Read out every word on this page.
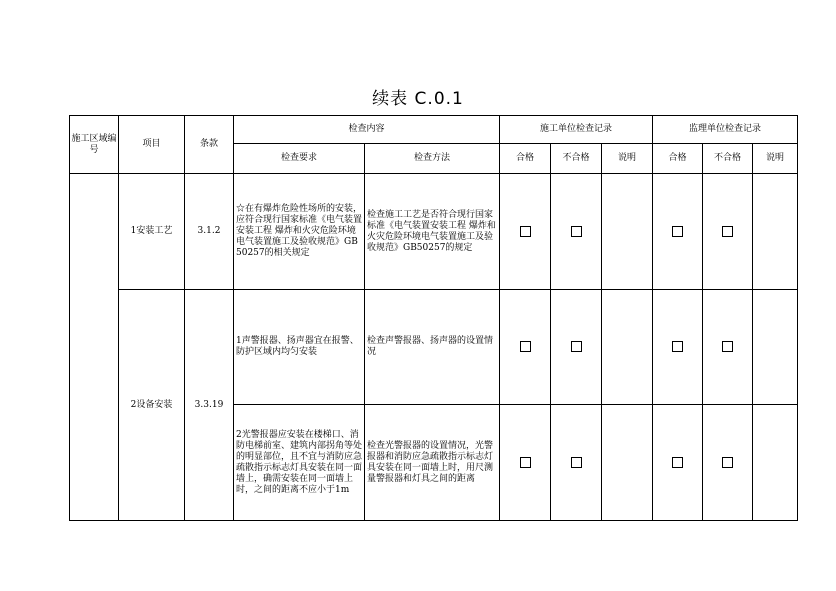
续表 C.0.1
施工区域编号	项目	条款	检查内容		施工单位检查记录			监理单位检查记录		
			检查要求	检查方法	合格	不合格	说明	合格	不合格	说明
	1安装工艺	3.1.2	☆在有爆炸危险性场所的安装，应符合现行国家标准《电气装置安装工程 爆炸和火灾危险环境电气装置施工及验收规范》GB 50257的相关规定	检查施工工艺是否符合现行国家标准《电气装置安装工程 爆炸和火灾危险环境电气装置施工及验收规范》GB50257的规定						
	2设备安装	3.3.19	1声警报器、扬声器宜在报警、防护区域内均匀安装	检查声警报器、扬声器的设置情况						
			2光警报器应安装在楼梯口、消防电梯前室、建筑内部拐角等处的明显部位，且不宜与消防应急疏散指示标志灯具安装在同一面墙上，确需安装在同一面墙上时，之间的距离不应小于1m	检查光警报器的设置情况，光警报器和消防应急疏散指示标志灯具安装在同一面墙上时，用尺测量警报器和灯具之间的距离						
